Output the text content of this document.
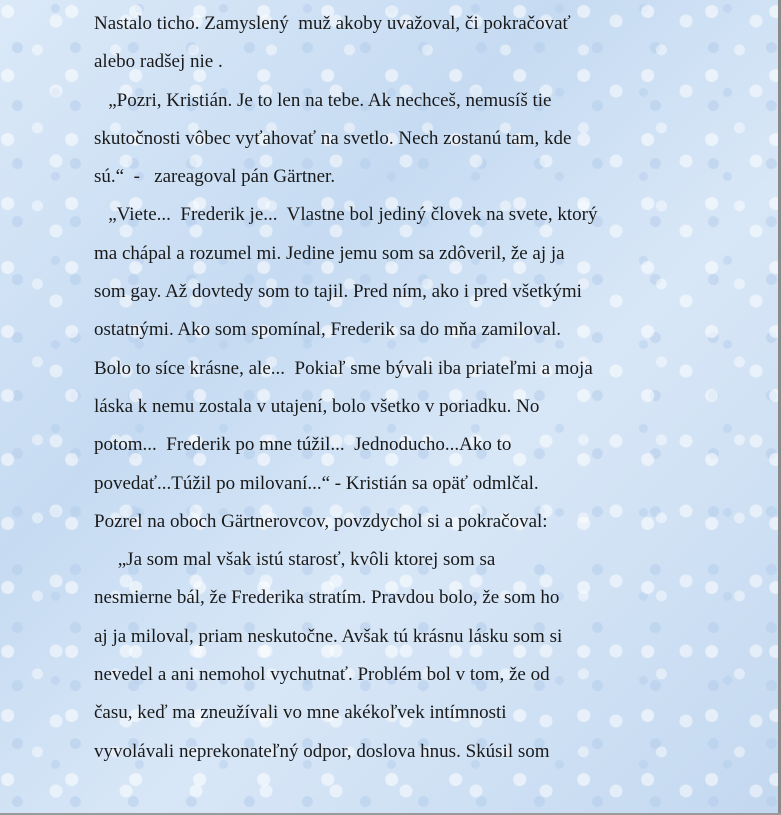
Nastalo ticho. Zamyslený  muž akoby uvažoval, či pokračovať
alebo radšej nie .
„Pozri, Kristián. Je to len na tebe. Ak nechceš, nemusíš tie
skutočnosti vôbec vyťahovať na svetlo. Nech zostanú tam, kde
sú.“  -   zareagoval pán Gärtner.
„Viete...  Frederik je...  Vlastne bol jediný človek na svete, ktorý
ma chápal a rozumel mi. Jedine jemu som sa zdôveril, že aj ja
som gay. Až dovtedy som to tajil. Pred ním, ako i pred všetkými
ostatnými. Ako som spomínal, Frederik sa do mňa zamiloval.
Bolo to síce krásne, ale...  Pokiaľ sme bývali iba priateľmi a moja
láska k nemu zostala v utajení, bolo všetko v poriadku. No
potom...  Frederik po mne túžil...  Jednoducho...Ako to
povedať...Túžil po milovaní...“ - Kristián sa opäť odmlčal.
Pozrel na oboch Gärtnerovcov, povzdychol si a pokračoval:
„Ja som mal však istú starosť, kvôli ktorej som sa
nesmierne bál, že Frederika stratím. Pravdou bolo, že som ho
aj ja miloval, priam neskutočne. Avšak tú krásnu lásku som si
nevedel a ani nemohol vychutnať. Problém bol v tom, že od
času, keď ma zneužívali vo mne akékoľvek intímnosti
vyvolávali neprekonateľný odpor, doslova hnus. Skúsil som
